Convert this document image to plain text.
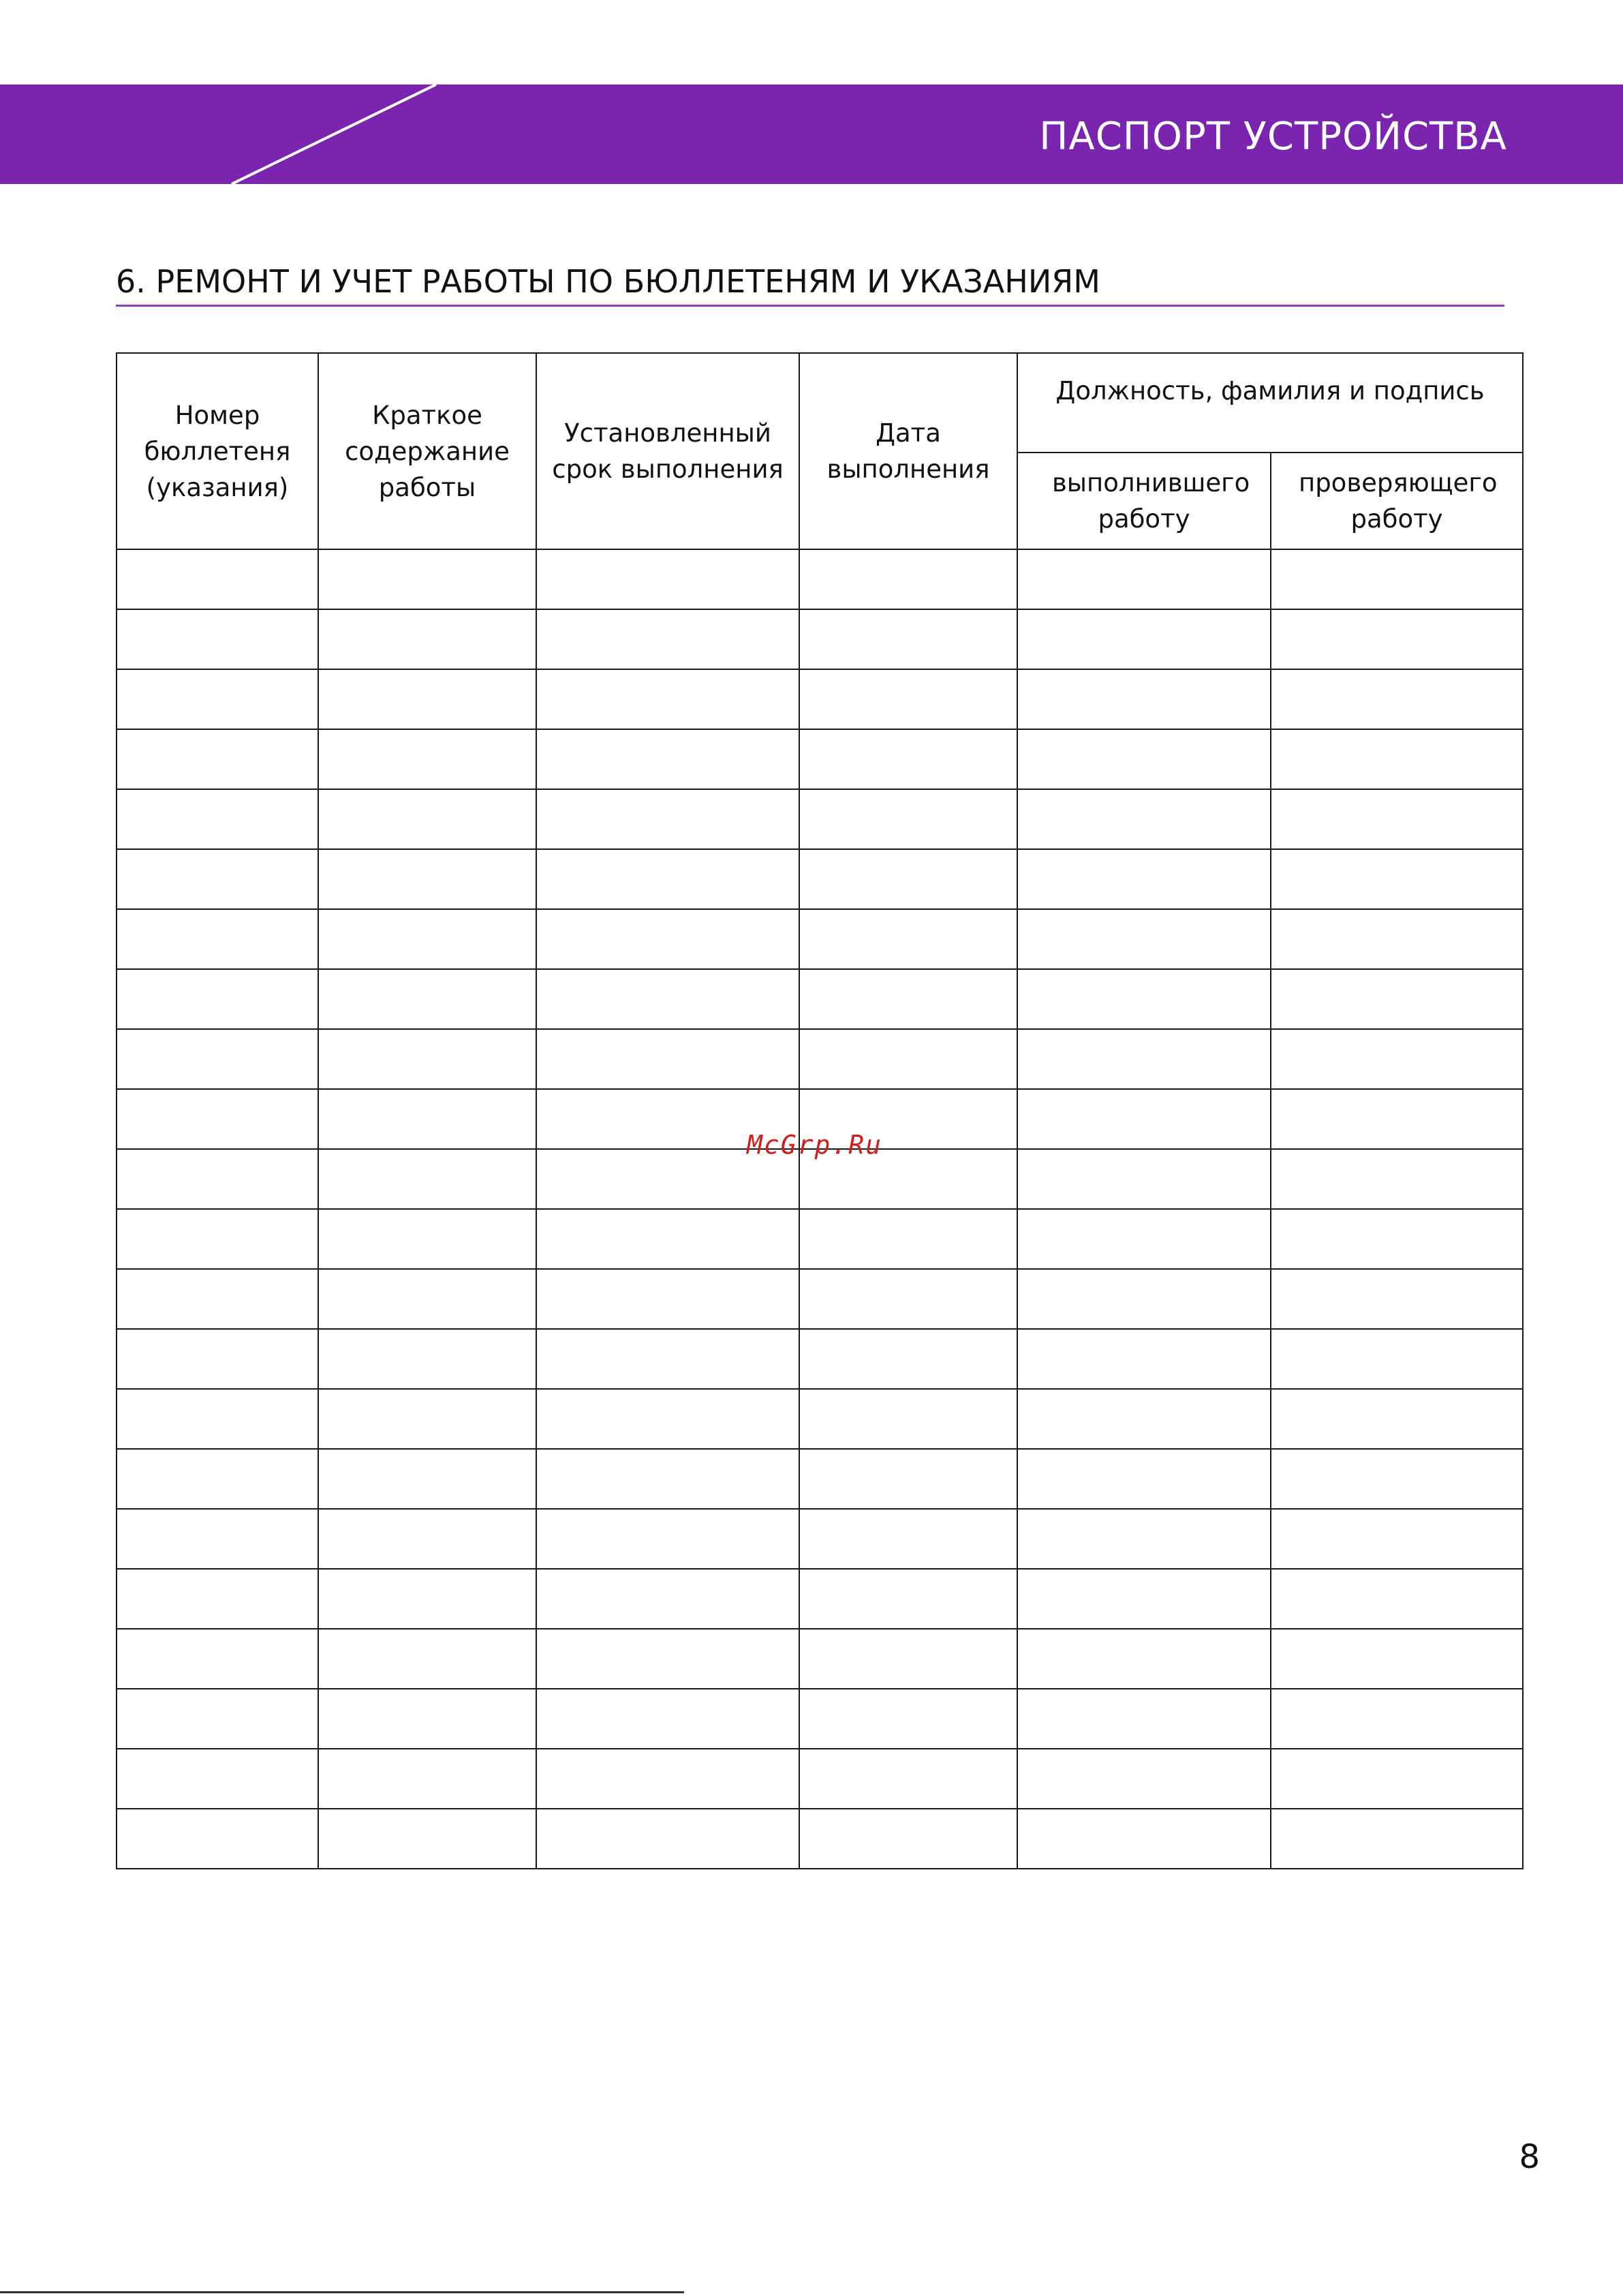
ПАСПОРТ УСТРОЙСТВА
6. РЕМОНТ И УЧЕТ РАБОТЫ ПО БЮЛЛЕТЕНЯМ И УКАЗАНИЯМ
Номер бюллетеня (указания)	Краткое содержание работы	Установленный срок выполнения	Дата выполнения	Должность, фамилия и подпись	

				выполнившего работу	проверяющего работу

McGrp.Ru
8
